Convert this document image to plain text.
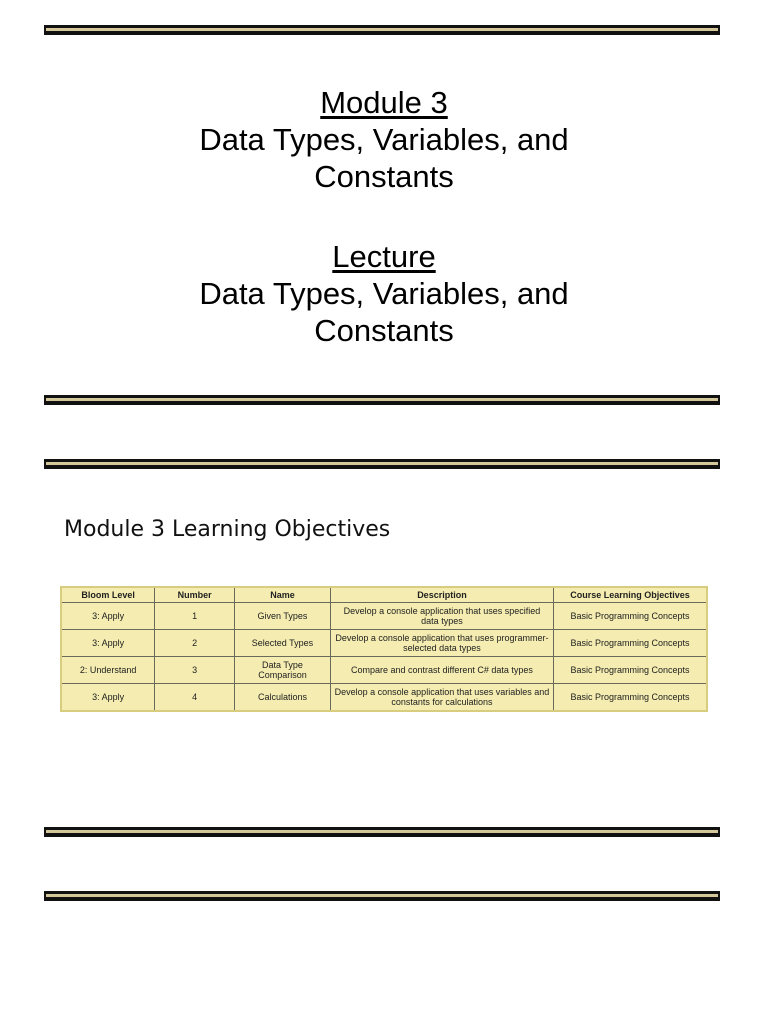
Module 3
Data Types, Variables, and Constants
Lecture
Data Types, Variables, and Constants
Module 3 Learning Objectives
Bloom Level	Number	Name	Description	Course Learning Objectives
3: Apply	1	Given Types	Develop a console application that uses specified data types	Basic Programming Concepts
3: Apply	2	Selected Types	Develop a console application that uses programmer-selected data types	Basic Programming Concepts
2: Understand	3	Data Type Comparison	Compare and contrast different C# data types	Basic Programming Concepts
3: Apply	4	Calculations	Develop a console application that uses variables and constants for calculations	Basic Programming Concepts
